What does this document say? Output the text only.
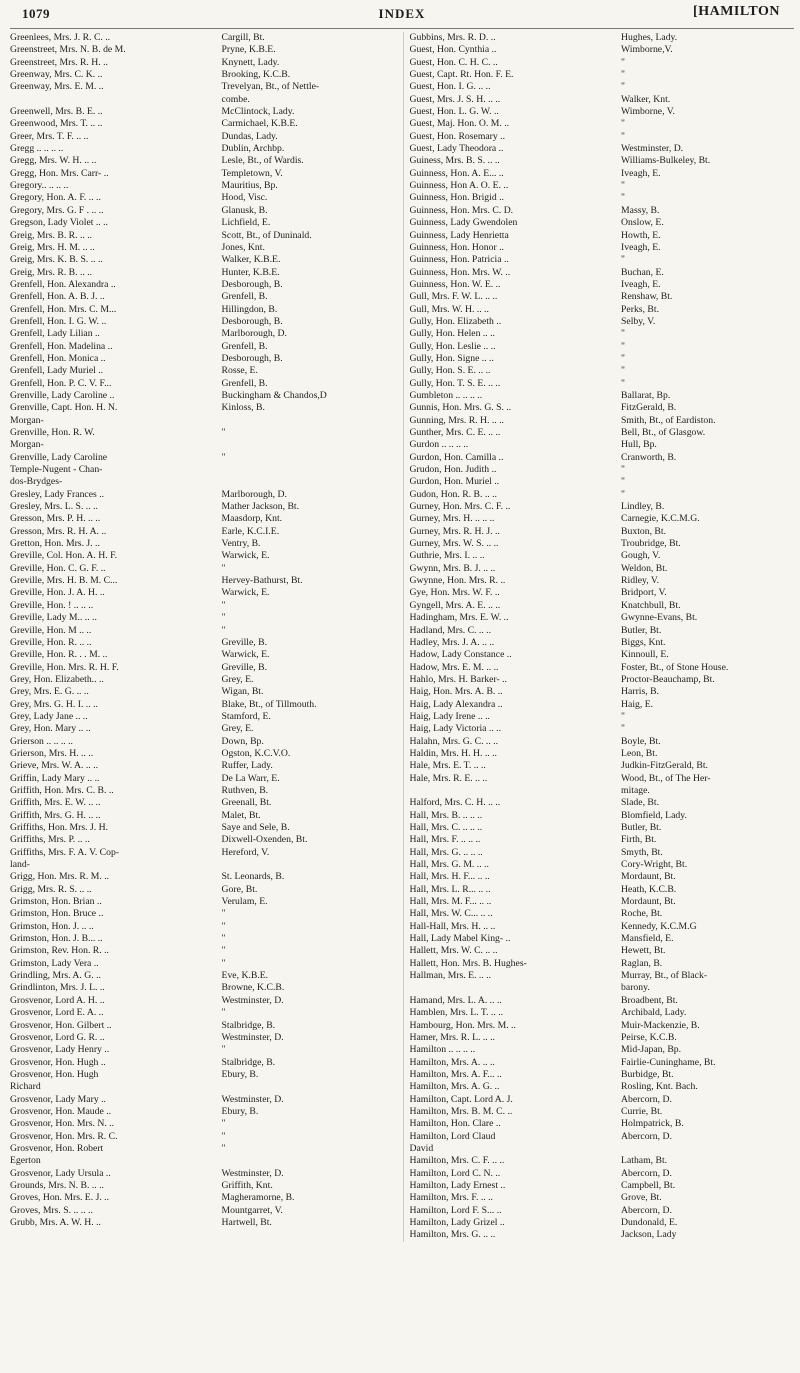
1079	INDEX	[HAMILTON
Greenlees, Mrs. J. R. C. ..	Cargill, Bt.
Greenstreet, Mrs. N. B. de M.	Pryne, K.B.E.
Greenstreet, Mrs. R. H. ..	Knynett, Lady.
Greenway, Mrs. C. K. ..	Brooking, K.C.B.
Greenway, Mrs. E. M. ..	Trevelyan, Bt., of Nettle-
combe.
Greenwell, Mrs. B. E. ..	McClintock, Lady.
Greenwood, Mrs. T. .. ..	Carmichael, K.B.E.
Greer, Mrs. T. F. .. ..	Dundas, Lady.
Gregg .. .. .. ..	Dublin, Archbp.
Gregg, Mrs. W. H. .. ..	Lesle, Bt., of Wardis.
Gregg, Hon. Mrs. Carr- ..	Templetown, V.
Gregory.. .. .. ..	Mauritius, Bp.
Gregory, Hon. A. F. .. ..	Hood, Visc.
Gregory, Mrs. G. F . .. ..	Glanusk, B.
Gregson, Lady Violet .. ..	Lichfield, E.
Greig, Mrs. B. R. .. ..	Scott, Bt., of Duninald.
Greig, Mrs. H. M. .. ..	Jones, Knt.
Greig, Mrs. K. B. S. .. ..	Walker, K.B.E.
Greig, Mrs. R. B. .. ..	Hunter, K.B.E.
Grenfell, Hon. Alexandra ..	Desborough, B.
Grenfell, Hon. A. B. J. ..	Grenfell, B.
Grenfell, Hon. Mrs. C. M...	Hillingdon, B.
Grenfell, Hon. I. G. W. ..	Desborough, B.
Grenfell, Lady Lilian ..	Marlborough, D.
Grenfell, Hon. Madelina ..	Grenfell, B.
Grenfell, Hon. Monica ..	Desborough, B.
Grenfell, Lady Muriel ..	Rosse, E.
Grenfell, Hon. P. C. V. F...	Grenfell, B.
Grenville, Lady Caroline ..	Buckingham & Chandos,D
Grenville, Capt. Hon. H. N.	Kinloss, B.
Morgan-
Grenville, Hon. R. W.	"
Morgan-
Grenville, Lady Caroline	"
Temple-Nugent - Chan-
dos-Brydges-
Gresley, Lady Frances ..	Marlborough, D.
Gresley, Mrs. L. S. .. ..	Mather Jackson, Bt.
Gresson, Mrs. P. H. .. ..	Maasdorp, Knt.
Gresson, Mrs. R. H. A. ..	Earle, K.C.I.E.
Gretton, Hon. Mrs. J. ..	Ventry, B.
Greville, Col. Hon. A. H. F.	Warwick, E.
Greville, Hon. C. G. F. ..	"
Greville, Mrs. H. B. M. C...	Hervey-Bathurst, Bt.
Greville, Hon. J. A. H. ..	Warwick, E.
Greville, Hon. ! .. .. ..	"
Greville, Lady M.. .. ..	"
Greville, Hon. M .. ..	"
Greville, Hon. R. .. ..	Greville, B.
Greville, Hon. R. . . M. ..	Warwick, E.
Greville, Hon. Mrs. R. H. F.	Greville, B.
Grey, Hon. Elizabeth.. ..	Grey, E.
Grey, Mrs. E. G. .. ..	Wigan, Bt.
Grey, Mrs. G. H. I. .. ..	Blake, Bt., of Tillmouth.
Grey, Lady Jane .. ..	Stamford, E.
Grey, Hon. Mary .. ..	Grey, E.
Grierson .. .. .. ..	Down, Bp.
Grierson, Mrs. H. .. ..	Ogston, K.C.V.O.
Grieve, Mrs. W. A. .. ..	Ruffer, Lady.
Griffin, Lady Mary .. ..	De La Warr, E.
Griffith, Hon. Mrs. C. B. ..	Ruthven, B.
Griffith, Mrs. E. W. .. ..	Greenall, Bt.
Griffith, Mrs. G. H. .. ..	Malet, Bt.
Griffiths, Hon. Mrs. J. H.	Saye and Sele, B.
Griffiths, Mrs. P. .. ..	Dixwell-Oxenden, Bt.
Griffiths, Mrs. F. A. V. Cop-	Hereford, V.
land-
Grigg, Hon. Mrs. R. M. ..	St. Leonards, B.
Grigg, Mrs. R. S. .. ..	Gore, Bt.
Grimston, Hon. Brian ..	Verulam, E.
Grimston, Hon. Bruce ..	"
Grimston, Hon. J. .. ..	"
Grimston, Hon. J. B... ..	"
Grimston, Rev. Hon. R. ..	"
Grimston, Lady Vera ..	"
Grindling, Mrs. A. G. ..	Eve, K.B.E.
Grindlinton, Mrs. J. L. ..	Browne, K.C.B.
Grosvenor, Lord A. H. ..	Westminster, D.
Grosvenor, Lord E. A. ..	"
Grosvenor, Hon. Gilbert ..	Stalbridge, B.
Grosvenor, Lord G. R. ..	Westminster, D.
Grosvenor, Lady Henry ..	"
Grosvenor, Hon. Hugh ..	Stalbridge, B.
Grosvenor, Hon. Hugh	Ebury, B.
Richard
Grosvenor, Lady Mary ..	Westminster, D.
Grosvenor, Hon. Maude ..	Ebury, B.
Grosvenor, Hon. Mrs. N. ..	"
Grosvenor, Hon. Mrs. R. C.	"
Grosvenor, Hon. Robert	"
Egerton
Grosvenor, Lady Ursula ..	Westminster, D.
Grounds, Mrs. N. B. .. ..	Griffith, Knt.
Groves, Hon. Mrs. E. J. ..	Magheramorne, B.
Groves, Mrs. S. .. .. ..	Mountgarret, V.
Grubb, Mrs. A. W. H. ..	Hartwell, Bt.
Gubbins, Mrs. R. D. ..	Hughes, Lady.
Guest, Hon. Cynthia ..	Wimborne,V.
Guest, Hon. C. H. C. ..	"
Guest, Capt. Rt. Hon. F. E.	"
Guest, Hon. I. G. .. ..	"
Guest, Mrs. J. S. H. .. ..	Walker, Knt.
Guest, Hon. L. G. W. ..	Wimborne, V.
Guest, Maj. Hon. O. M. ..	"
Guest, Hon. Rosemary ..	"
Guest, Lady Theodora ..	Westminster, D.
Guiness, Mrs. B. S. .. ..	Williams-Bulkeley, Bt.
Guinness, Hon. A. E... ..	Iveagh, E.
Guinness, Hon A. O. E. ..	"
Guinness, Hon. Brigid ..	"
Guinness, Hon. Mrs. C. D.	Massy, B.
Guinness, Lady Gwendolen	Onslow, E.
Guinness, Lady Henrietta	Howth, E.
Guinness, Hon. Honor ..	Iveagh, E.
Guinness, Hon. Patricia ..	"
Guinness, Hon. Mrs. W. ..	Buchan, E.
Guinness, Hon. W. E. ..	Iveagh, E.
Gull, Mrs. F. W. L. .. ..	Renshaw, Bt.
Gull, Mrs. W. H. .. ..	Perks, Bt.
Gully, Hon. Elizabeth ..	Selby, V.
Gully, Hon. Helen .. ..	"
Gully, Hon. Leslie .. ..	"
Gully, Hon. Signe .. ..	"
Gully, Hon. S. E. .. ..	"
Gully, Hon. T. S. E. .. ..	"
Gumbleton .. .. .. ..	Ballarat, Bp.
Gunnis, Hon. Mrs. G. S. ..	FitzGerald, B.
Gunning, Mrs. R. H. .. ..	Smith, Bt., of Eardiston.
Gunther, Mrs. C. E. .. ..	Bell, Bt., of Glasgow.
Gurdon .. .. .. ..	Hull, Bp.
Gurdon, Hon. Camilla ..	Cranworth, B.
Grudon, Hon. Judith ..	"
Gurdon, Hon. Muriel ..	"
Gudon, Hon. R. B. .. ..	"
Gurney, Hon. Mrs. C. F. ..	Lindley, B.
Gurney, Mrs. H. .. .. ..	Carnegie, K.C.M.G.
Gurney, Mrs. R. H. J. ..	Buxton, Bt.
Gurney, Mrs. W. S. .. ..	Troubridge, Bt.
Guthrie, Mrs. I. .. ..	Gough, V.
Gwynn, Mrs. B. J. .. ..	Weldon, Bt.
Gwynne, Hon. Mrs. R. ..	Ridley, V.
Gye, Hon. Mrs. W. F. ..	Bridport, V.
Gyngell, Mrs. A. E. .. ..	Knatchbull, Bt.
Hadingham, Mrs. E. W. ..	Gwynne-Evans, Bt.
Hadland, Mrs. C. .. ..	Butler, Bt.
Hadley, Mrs. J. A. .. ..	Biggs, Knt.
Hadow, Lady Constance ..	Kinnoull, E.
Hadow, Mrs. E. M. .. ..	Foster, Bt., of Stone House.
Hahlo, Mrs. H. Barker- ..	Proctor-Beauchamp, Bt.
Haig, Hon. Mrs. A. B. ..	Harris, B.
Haig, Lady Alexandra ..	Haig, E.
Haig, Lady Irene .. ..	"
Haig, Lady Victoria .. ..	"
Halahn, Mrs. G. C. .. ..	Boyle, Bt.
Haldin, Mrs. H. H. .. ..	Leon, Bt.
Hale, Mrs. E. T. .. ..	Judkin-FitzGerald, Bt.
Hale, Mrs. R. E. .. ..	Wood, Bt., of The Her-
mitage.
Halford, Mrs. C. H. .. ..	Slade, Bt.
Hall, Mrs. B. .. .. ..	Blomfield, Lady.
Hall, Mrs. C. .. .. ..	Butler, Bt.
Hall, Mrs. F. .. .. ..	Firth, Bt.
Hall, Mrs. G. .. .. ..	Smyth, Bt.
Hall, Mrs. G. M. .. ..	Cory-Wright, Bt.
Hall, Mrs. H. F... .. ..	Mordaunt, Bt.
Hall, Mrs. L. R... .. ..	Heath, K.C.B.
Hall, Mrs. M. F... .. ..	Mordaunt, Bt.
Hall, Mrs. W. C... .. ..	Roche, Bt.
Hall-Hall, Mrs. H. .. ..	Kennedy, K.C.M.G
Hall, Lady Mabel King- ..	Mansfield, E.
Hallett, Mrs. W. C. .. ..	Hewett, Bt.
Hallett, Hon. Mrs. B. Hughes-	Raglan, B.
Hallman, Mrs. E. .. ..	Murray, Bt., of Black-
barony.
Hamand, Mrs. L. A. .. ..	Broadbent, Bt.
Hamblen, Mrs. L. T. .. ..	Archibald, Lady.
Hambourg, Hon. Mrs. M. ..	Muir-Mackenzie, B.
Hamer, Mrs. R. L. .. ..	Peirse, K.C.B.
Hamilton .. .. .. ..	Mid-Japan, Bp.
Hamilton, Mrs. A. .. ..	Fairlie-Cuninghame, Bt.
Hamilton, Mrs. A. F... ..	Burbidge, Bt.
Hamilton, Mrs. A. G. ..	Rosling, Knt. Bach.
Hamilton, Capt. Lord A. J.	Abercorn, D.
Hamilton, Mrs. B. M. C. ..	Currie, Bt.
Hamilton, Hon. Clare ..	Holmpatrick, B.
Hamilton, Lord Claud	Abercorn, D.
David
Hamilton, Mrs. C. F. .. ..	Latham, Bt.
Hamilton, Lord C. N. ..	Abercorn, D.
Hamilton, Lady Ernest ..	Campbell, Bt.
Hamilton, Mrs. F. .. ..	Grove, Bt.
Hamilton, Lord F. S... ..	Abercorn, D.
Hamilton, Lady Grizel ..	Dundonald, E.
Hamilton, Mrs. G. .. ..	Jackson, Lady
